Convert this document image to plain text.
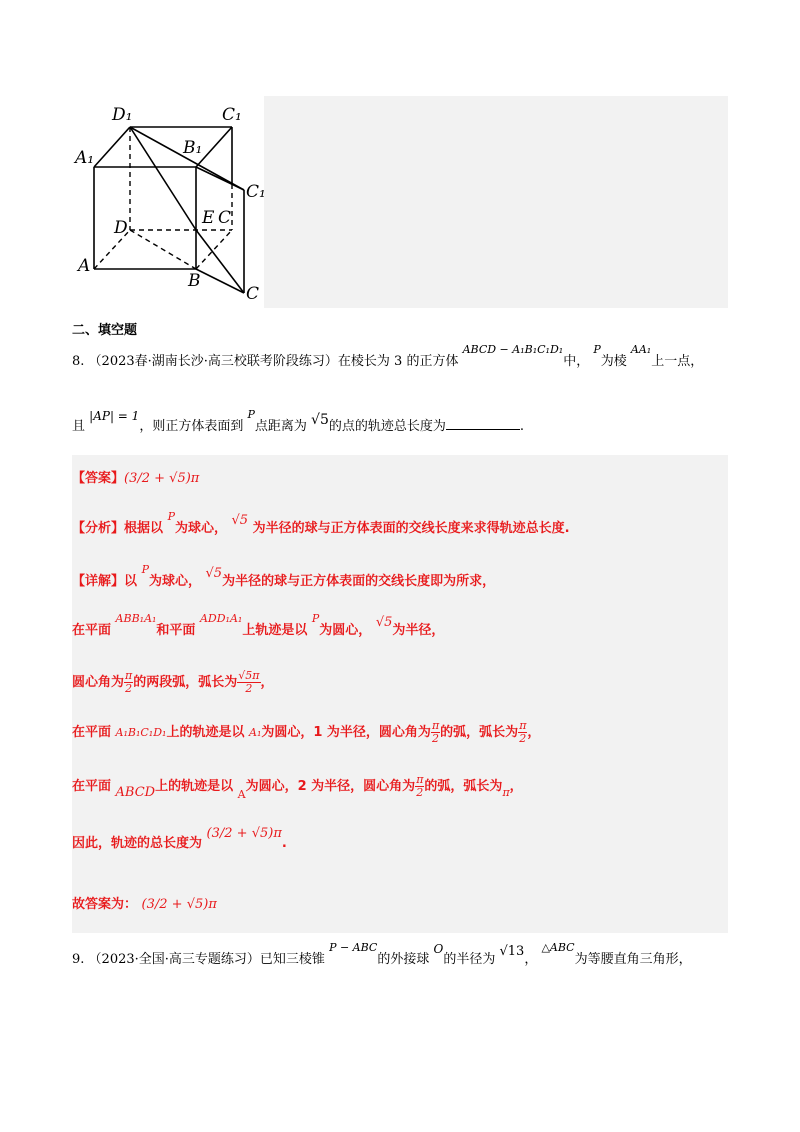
D₁	C₁
A₁	B₁
C₁
E C
D
A
B
C
二、填空题
8. （2023春·湖南长沙·高三校联考阶段练习）在棱长为 3 的正方体 $^{ABCD - A_1B_1C_1D_1}$中， $^P$为棱 $^{AA_1}$上一点，
且 |AP| = 1，则正方体表面到 $^P$点距离为 √5的点的轨迹总长度为	.
【答案】(3/2 + √5)π
【分析】根据以 $^P$为球心， √5 为半径的球与正方体表面的交线长度来求得轨迹总长度.
【详解】以 $^P$为球心， √5为半径的球与正方体表面的交线长度即为所求，
在平面 $^{ABB_1A_1}$和平面 $^{ADD_1A_1}$上轨迹是以 $^P$为圆心， √5为半径，
圆心角为 $\frac{\pi}{2}$ 的两段弧，弧长为 $\frac{√5\pi}{2}$ ，
在平面 A₁B₁C₁D₁上的轨迹是以 A₁为圆心，1 为半径，圆心角为 $\frac{\pi}{2}$ 的弧，弧长为 $\frac{\pi}{2}$ ，
在平面 ABCD上的轨迹是以 $_A$为圆心，2 为半径，圆心角为 $\frac{\pi}{2}$ 的弧，弧长为$_\pi$，
因此，轨迹的总长度为 (3/2 + √5)π.
故答案为： (3/2 + √5)π
9. （2023·全国·高三专题练习）已知三棱锥 $^{P - ABC}$的外接球 O的半径为 √13， $^{\triangle ABC}$为等腰直角三角形，
